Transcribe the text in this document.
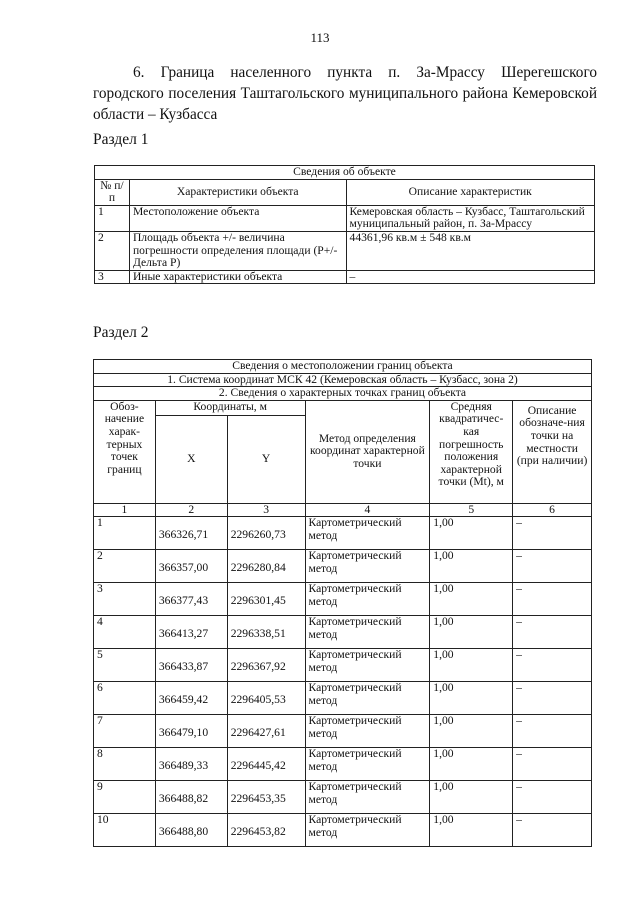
113
6. Граница населенного пункта п. За-Мрассу Шерегешского городского поселения Таштагольского муниципального района Кемеровской области – Кузбасса
Раздел 1
Сведения об объекте		
№ п/п	Характеристики объекта	Описание характеристик
1	Местоположение объекта	Кемеровская область – Кузбасс, Таштагольский муниципальный район, п. За-Мрассу
2	Площадь объекта +/- величина погрешности определения площади (P+/- Дельта P)	44361,96 кв.м ± 548 кв.м
3	Иные характеристики объекта	–
Раздел 2
Сведения о местоположении границ объекта					
1. Система координат МСК 42 (Кемеровская область – Кузбасс, зона 2)					
2. Сведения о характерных точках границ объекта					
Обоз-начение харак-терных точек границ	Координаты, м		Метод определения координат характерной точки	Средняя квадратичес-кая погрешность положения характерной точки (Mt), м	Описание обозначе-ния точки на местности (при наличии)
	X	Y			
1	2	3	4	5	6
1	366326,71	2296260,73	Картометрический метод	1,00	–
2	366357,00	2296280,84	Картометрический метод	1,00	–
3	366377,43	2296301,45	Картометрический метод	1,00	–
4	366413,27	2296338,51	Картометрический метод	1,00	–
5	366433,87	2296367,92	Картометрический метод	1,00	–
6	366459,42	2296405,53	Картометрический метод	1,00	–
7	366479,10	2296427,61	Картометрический метод	1,00	–
8	366489,33	2296445,42	Картометрический метод	1,00	–
9	366488,82	2296453,35	Картометрический метод	1,00	–
10	366488,80	2296453,82	Картометрический метод	1,00	–
